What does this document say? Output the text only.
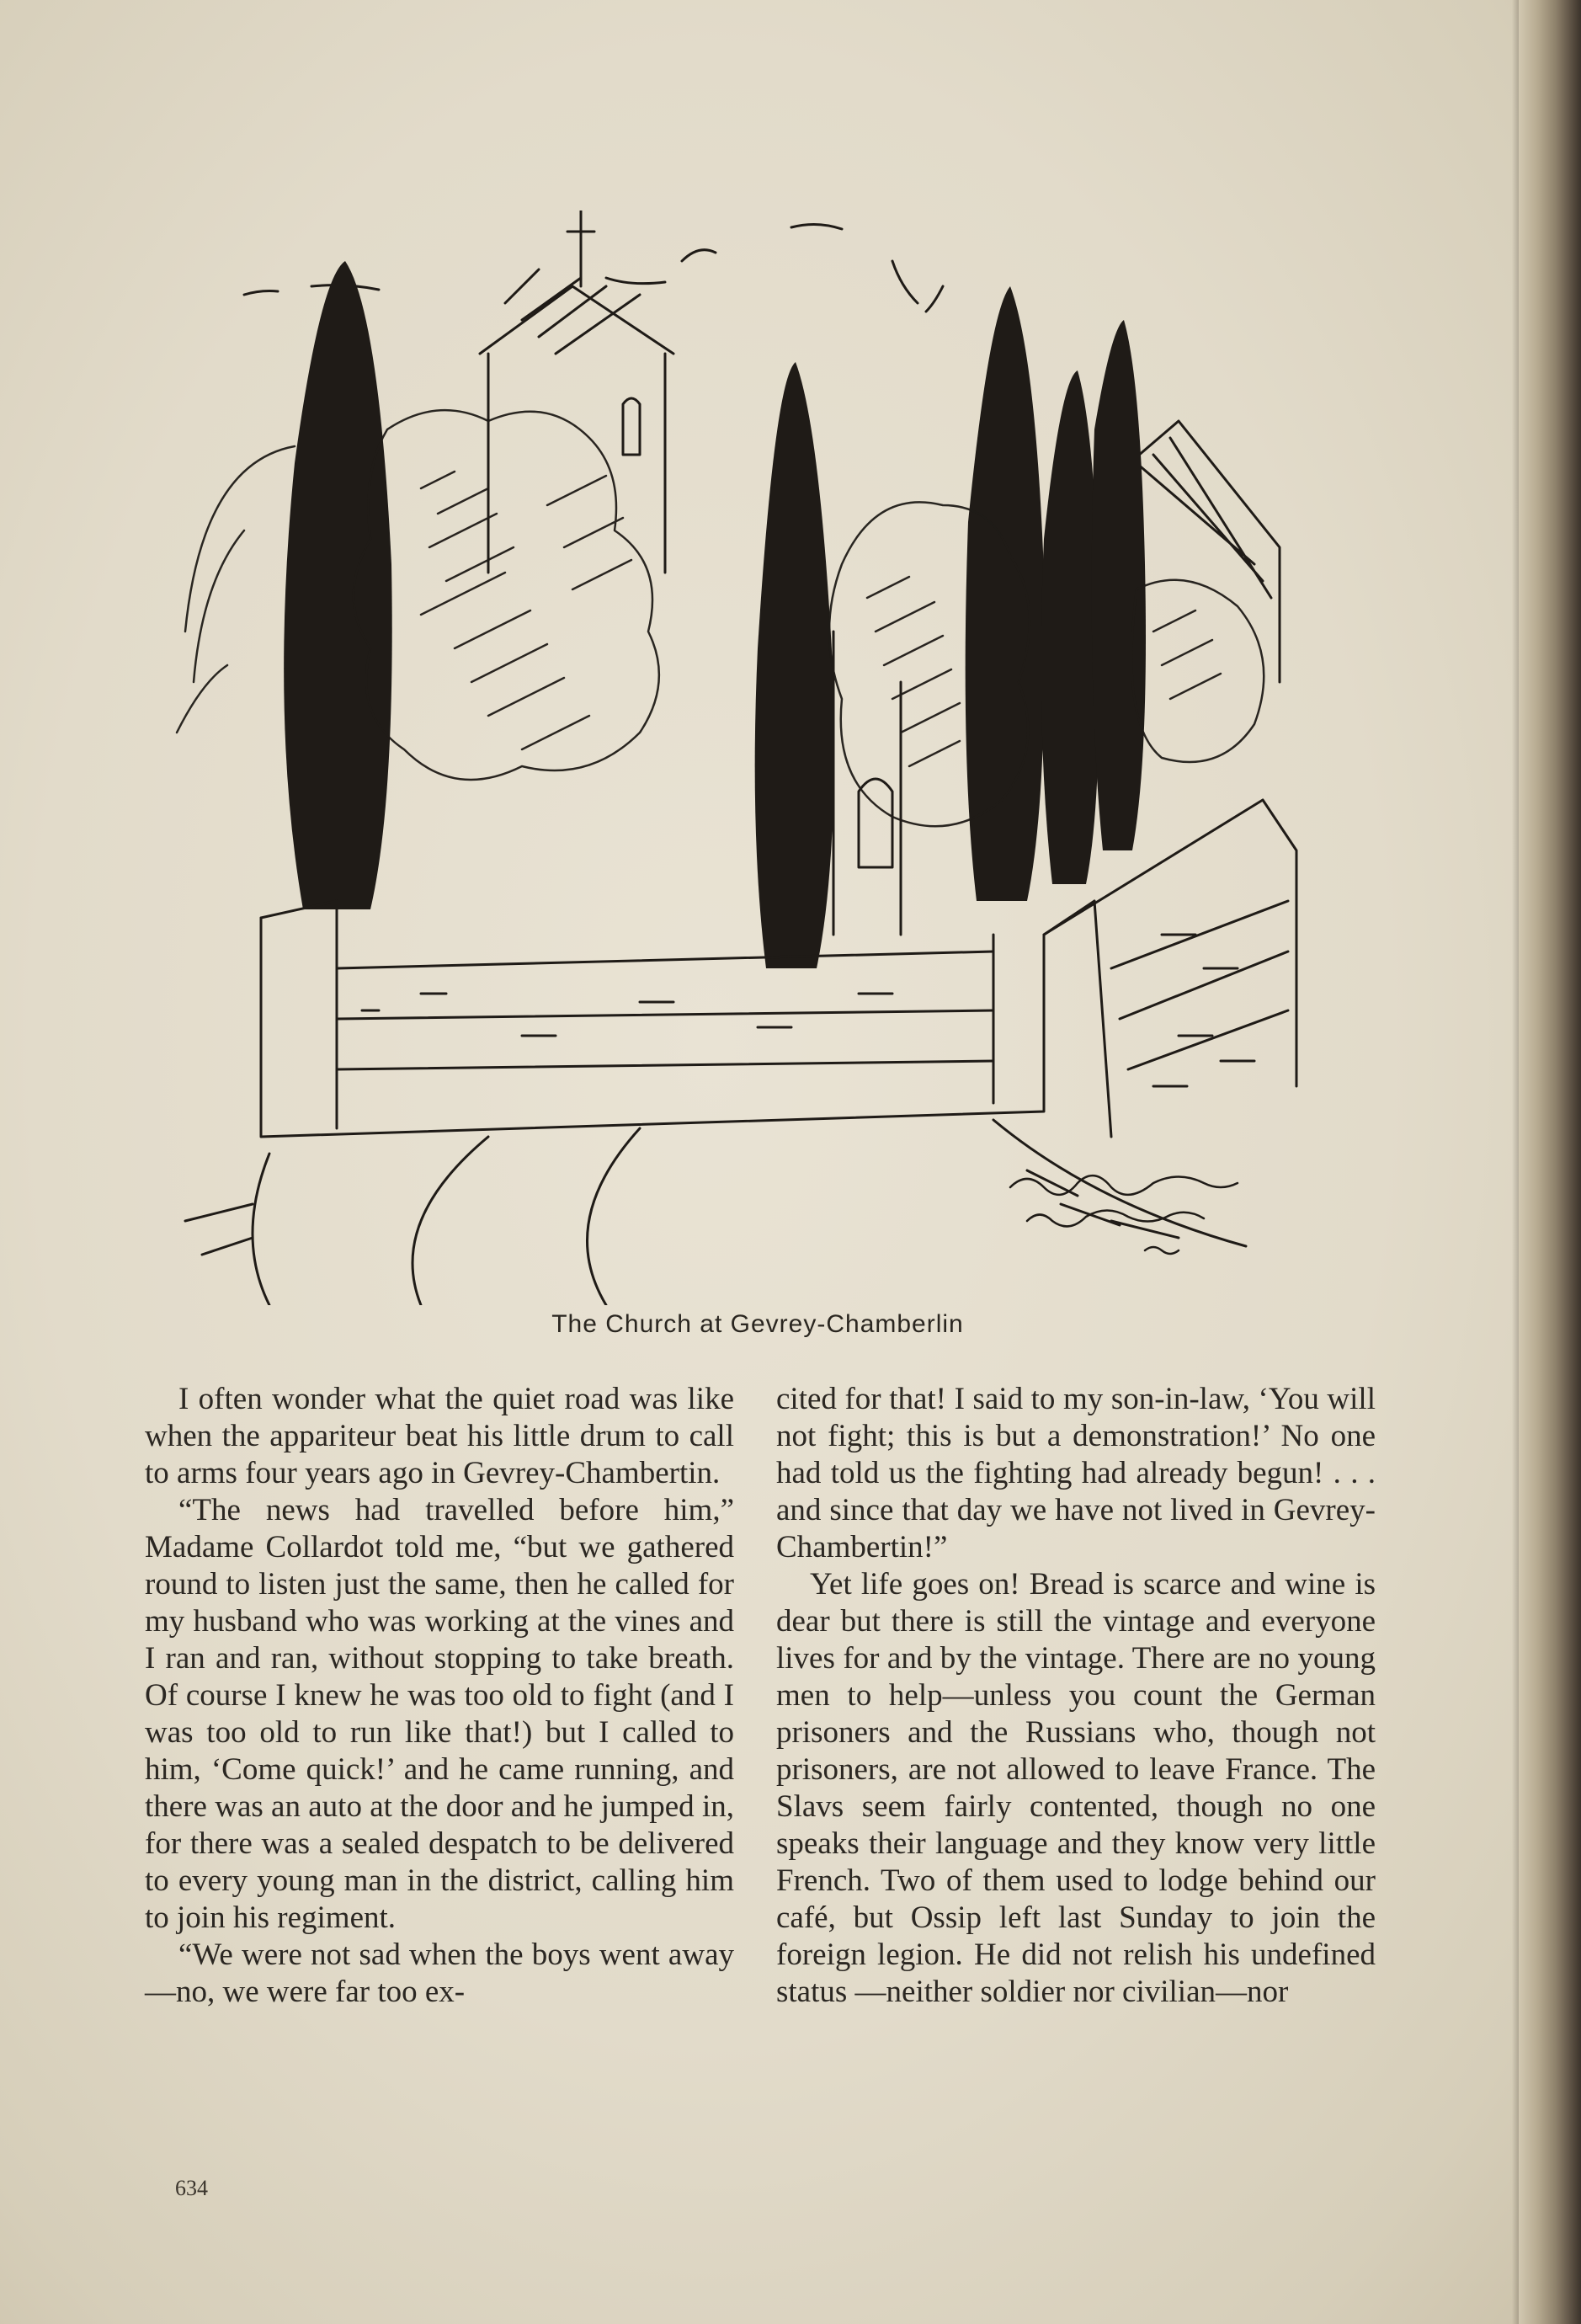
The Church at Gevrey-Chamberlin

I often wonder what the quiet road was like when the appariteur beat his little drum to call to arms four years ago in Gevrey-Chambertin.

“The news had travelled before him,” Madame Collardot told me, “but we gathered round to listen just the same, then he called for my husband who was working at the vines and I ran and ran, without stopping to take breath. Of course I knew he was too old to fight (and I was too old to run like that!) but I called to him, ‘Come quick!’ and he came running, and there was an auto at the door and he jumped in, for there was a sealed despatch to be delivered to every young man in the district, calling him to join his regiment.

“We were not sad when the boys went away—no, we were far too ex-

cited for that! I said to my son-in-law, ‘You will not fight; this is but a demonstration!’ No one had told us the fighting had already begun! . . . and since that day we have not lived in Gevrey-Chambertin!”

Yet life goes on! Bread is scarce and wine is dear but there is still the vintage and everyone lives for and by the vintage. There are no young men to help—unless you count the German prisoners and the Russians who, though not prisoners, are not allowed to leave France. The Slavs seem fairly contented, though no one speaks their language and they know very little French. Two of them used to lodge behind our café, but Ossip left last Sunday to join the foreign legion. He did not relish his undefined status —neither soldier nor civilian—nor

634
